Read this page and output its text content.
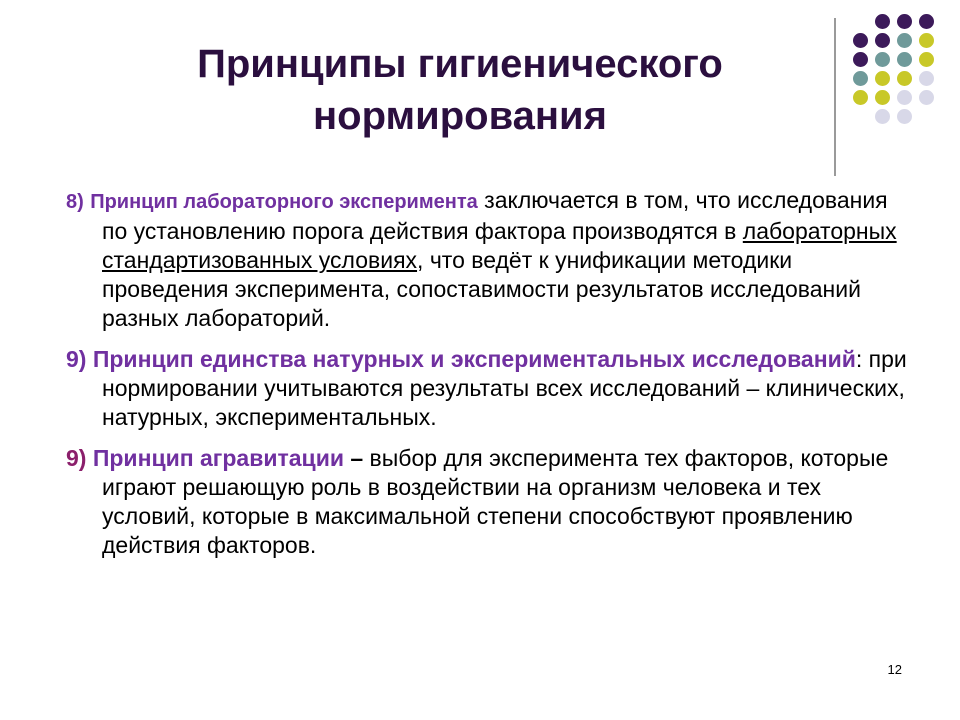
Принципы гигиенического
нормирования

8) Принцип лабораторного эксперимента заключается в том, что исследования по установлению порога действия фактора производятся в лабораторных стандартизованных условиях, что ведёт к унификации методики проведения эксперимента, сопоставимости результатов исследований разных лабораторий.

9) Принцип единства натурных и экспериментальных исследований: при нормировании учитываются результаты всех исследований – клинических, натурных, экспериментальных.

9) Принцип агравитации – выбор для эксперимента тех факторов, которые играют решающую роль в воздействии на организм человека и тех условий, которые в максимальной степени способствуют проявлению действия факторов.

12
